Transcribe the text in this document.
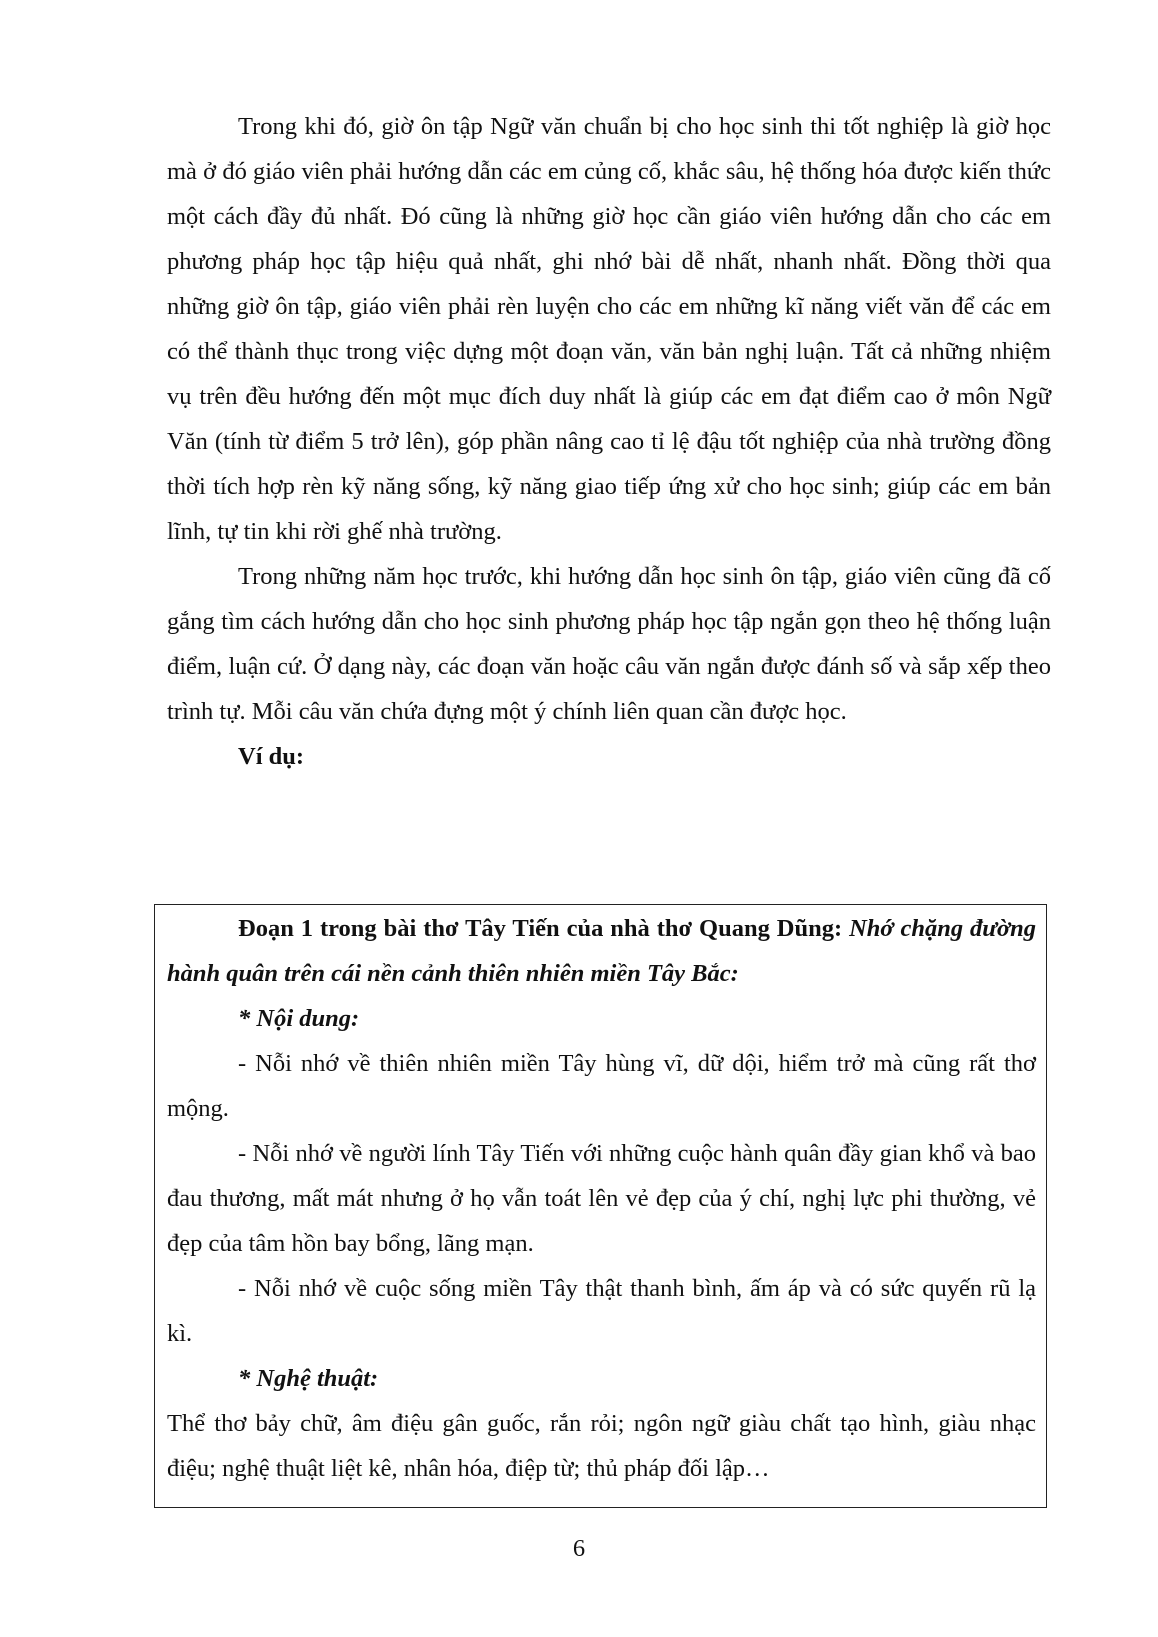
Trong khi đó, giờ ôn tập Ngữ văn chuẩn bị cho học sinh thi tốt nghiệp là giờ học mà ở đó giáo viên phải hướng dẫn các em củng cố, khắc sâu, hệ thống hóa được kiến thức một cách đầy đủ nhất. Đó cũng là những giờ học cần giáo viên hướng dẫn cho các em phương pháp học tập hiệu quả nhất, ghi nhớ bài dễ nhất, nhanh nhất. Đồng thời qua những giờ ôn tập, giáo viên phải rèn luyện cho các em những kĩ năng viết văn để các em có thể thành thục trong việc dựng một đoạn văn, văn bản nghị luận. Tất cả những nhiệm vụ trên đều hướng đến một mục đích duy nhất là giúp các em đạt điểm cao ở môn Ngữ Văn (tính từ điểm 5 trở lên), góp phần nâng cao tỉ lệ đậu tốt nghiệp của nhà trường đồng thời tích hợp rèn kỹ năng sống, kỹ năng giao tiếp ứng xử cho học sinh; giúp các em bản lĩnh, tự tin khi rời ghế nhà trường.

Trong những năm học trước, khi hướng dẫn học sinh ôn tập, giáo viên cũng đã cố gắng tìm cách hướng dẫn cho học sinh phương pháp học tập ngắn gọn theo hệ thống luận điểm, luận cứ. Ở dạng này, các đoạn văn hoặc câu văn ngắn được đánh số và sắp xếp theo trình tự. Mỗi câu văn chứa đựng một ý chính liên quan cần được học.

Ví dụ:

Đoạn 1 trong bài thơ Tây Tiến của nhà thơ Quang Dũng: Nhớ chặng đường hành quân trên cái nền cảnh thiên nhiên miền Tây Bắc:

* Nội dung:

- Nỗi nhớ về thiên nhiên miền Tây hùng vĩ, dữ dội, hiểm trở mà cũng rất thơ mộng.

- Nỗi nhớ về người lính Tây Tiến với những cuộc hành quân đầy gian khổ và bao đau thương, mất mát nhưng ở họ vẫn toát lên vẻ đẹp của ý chí, nghị lực phi thường, vẻ đẹp của tâm hồn bay bổng, lãng mạn.

- Nỗi nhớ về cuộc sống miền Tây thật thanh bình, ấm áp và có sức quyến rũ lạ kì.

* Nghệ thuật:

Thể thơ bảy chữ, âm điệu gân guốc, rắn rỏi; ngôn ngữ giàu chất tạo hình, giàu nhạc điệu; nghệ thuật liệt kê, nhân hóa, điệp từ; thủ pháp đối lập…

6
